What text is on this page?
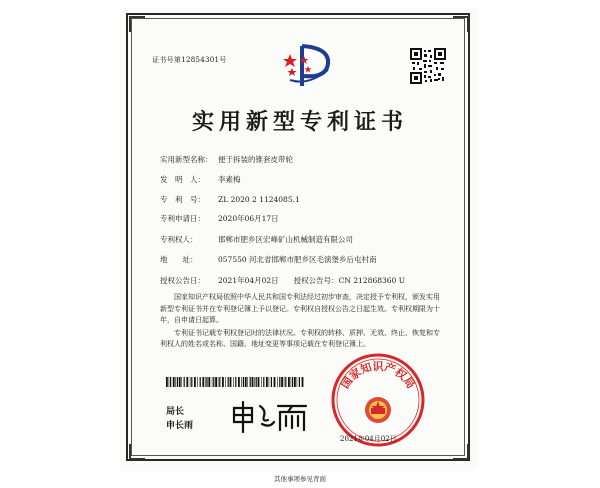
证书号第12854301号
实用新型专利证书
实用新型名称： 便于拆装的锥套皮带轮
发　明　人： 李素梅
专　利　号： ZL 2020 2 1124085.1
专利申请日： 2020年06月17日
专利权人：	邯郸市肥乡区宏峰矿山机械制造有限公司
地　　址：	057550 河北省邯郸市肥乡区毛演堡乡后屯村南
授权公告日： 2021年04月02日　　授权公告号：CN 212868360 U

国家知识产权局依照中华人民共和国专利法经过初步审查，决定授予专利权，颁发实用新型专利证书并在专利登记簿上予以登记。专利权自授权公告之日起生效。专利权期限为十年，自申请日起算。

专利证书记载专利权登记时的法律状况。专利权的转移、质押、无效、终止、恢复和专利权人的姓名或名称、国籍、地址变更等事项记载在专利登记簿上。

局长
申长雨
国家知识产权局
2021年04月02日
其他事项参见背面
